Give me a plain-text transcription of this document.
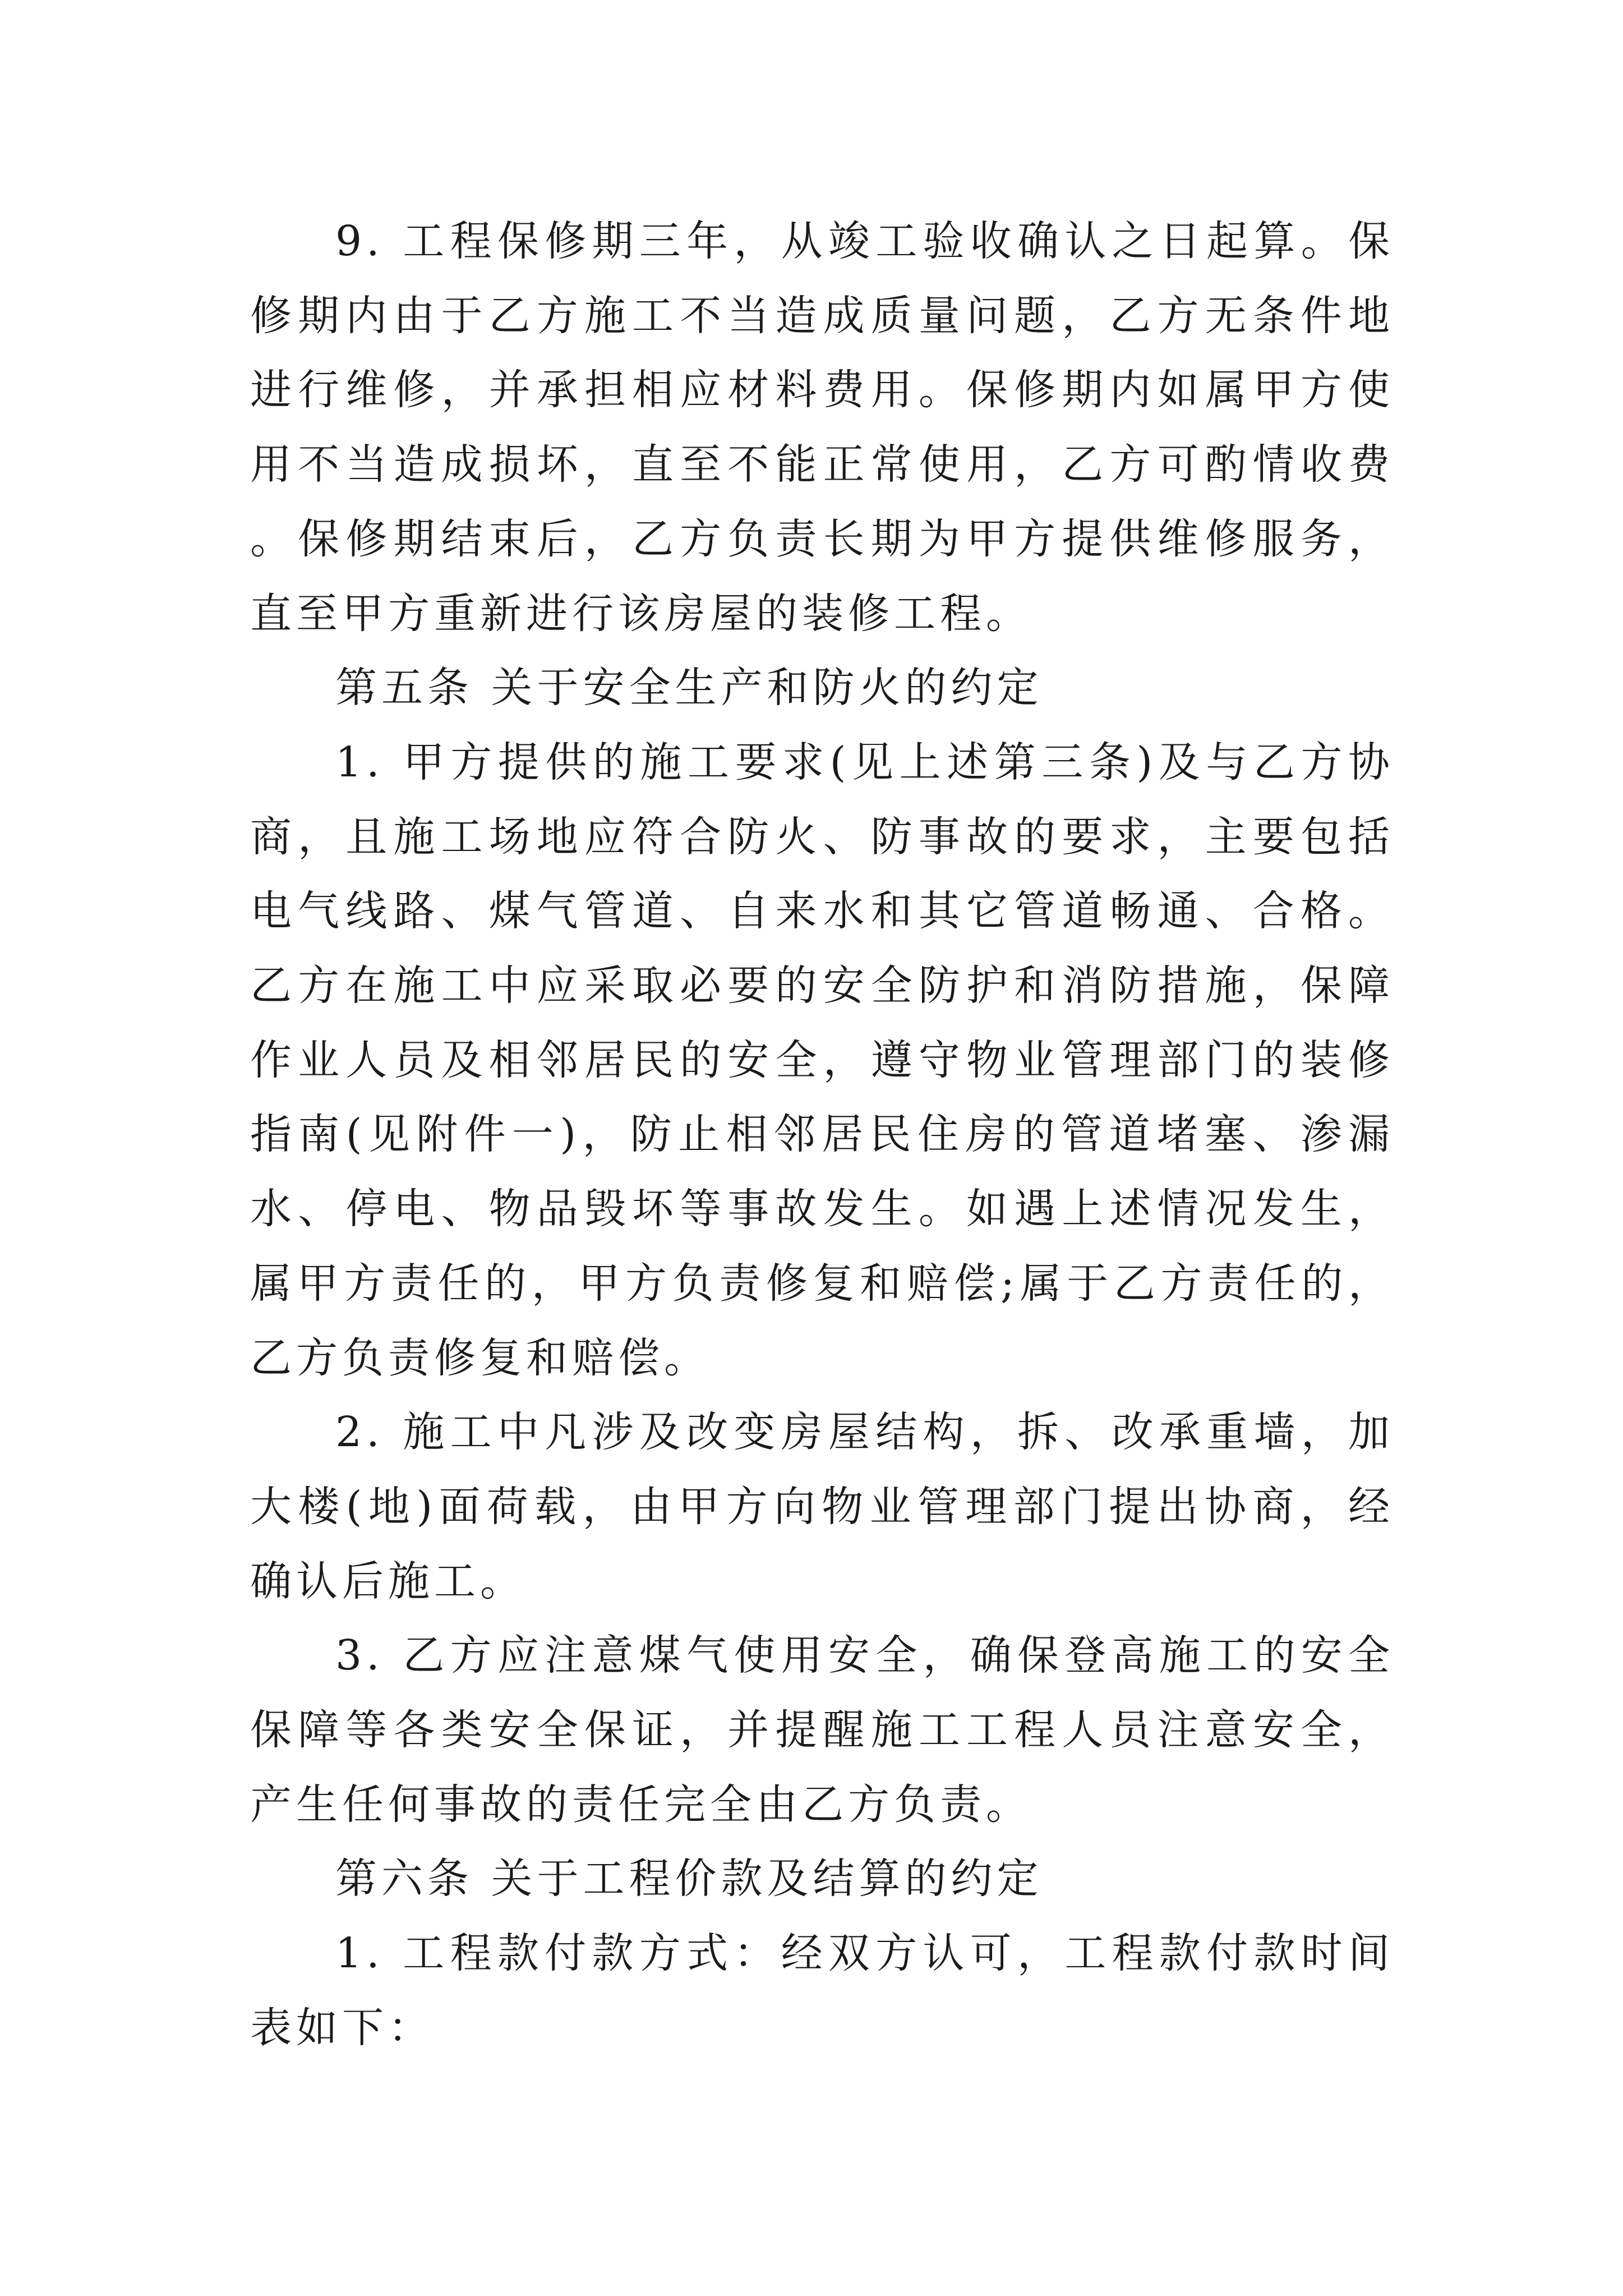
9. 工程保修期三年，从竣工验收确认之日起算。保修期内由于乙方施工不当造成质量问题，乙方无条件地进行维修，并承担相应材料费用。保修期内如属甲方使用不当造成损坏，直至不能正常使用，乙方可酌情收费。保修期结束后，乙方负责长期为甲方提供维修服务，直至甲方重新进行该房屋的装修工程。

第五条 关于安全生产和防火的约定

1. 甲方提供的施工要求(见上述第三条)及与乙方协商，且施工场地应符合防火、防事故的要求，主要包括电气线路、煤气管道、自来水和其它管道畅通、合格。乙方在施工中应采取必要的安全防护和消防措施，保障作业人员及相邻居民的安全，遵守物业管理部门的装修指南(见附件一)，防止相邻居民住房的管道堵塞、渗漏水、停电、物品毁坏等事故发生。如遇上述情况发生，属甲方责任的，甲方负责修复和赔偿;属于乙方责任的，乙方负责修复和赔偿。

2. 施工中凡涉及改变房屋结构，拆、改承重墙，加大楼(地)面荷载，由甲方向物业管理部门提出协商，经确认后施工。

3. 乙方应注意煤气使用安全，确保登高施工的安全保障等各类安全保证，并提醒施工工程人员注意安全，产生任何事故的责任完全由乙方负责。

第六条 关于工程价款及结算的约定

1. 工程款付款方式：经双方认可，工程款付款时间表如下：
